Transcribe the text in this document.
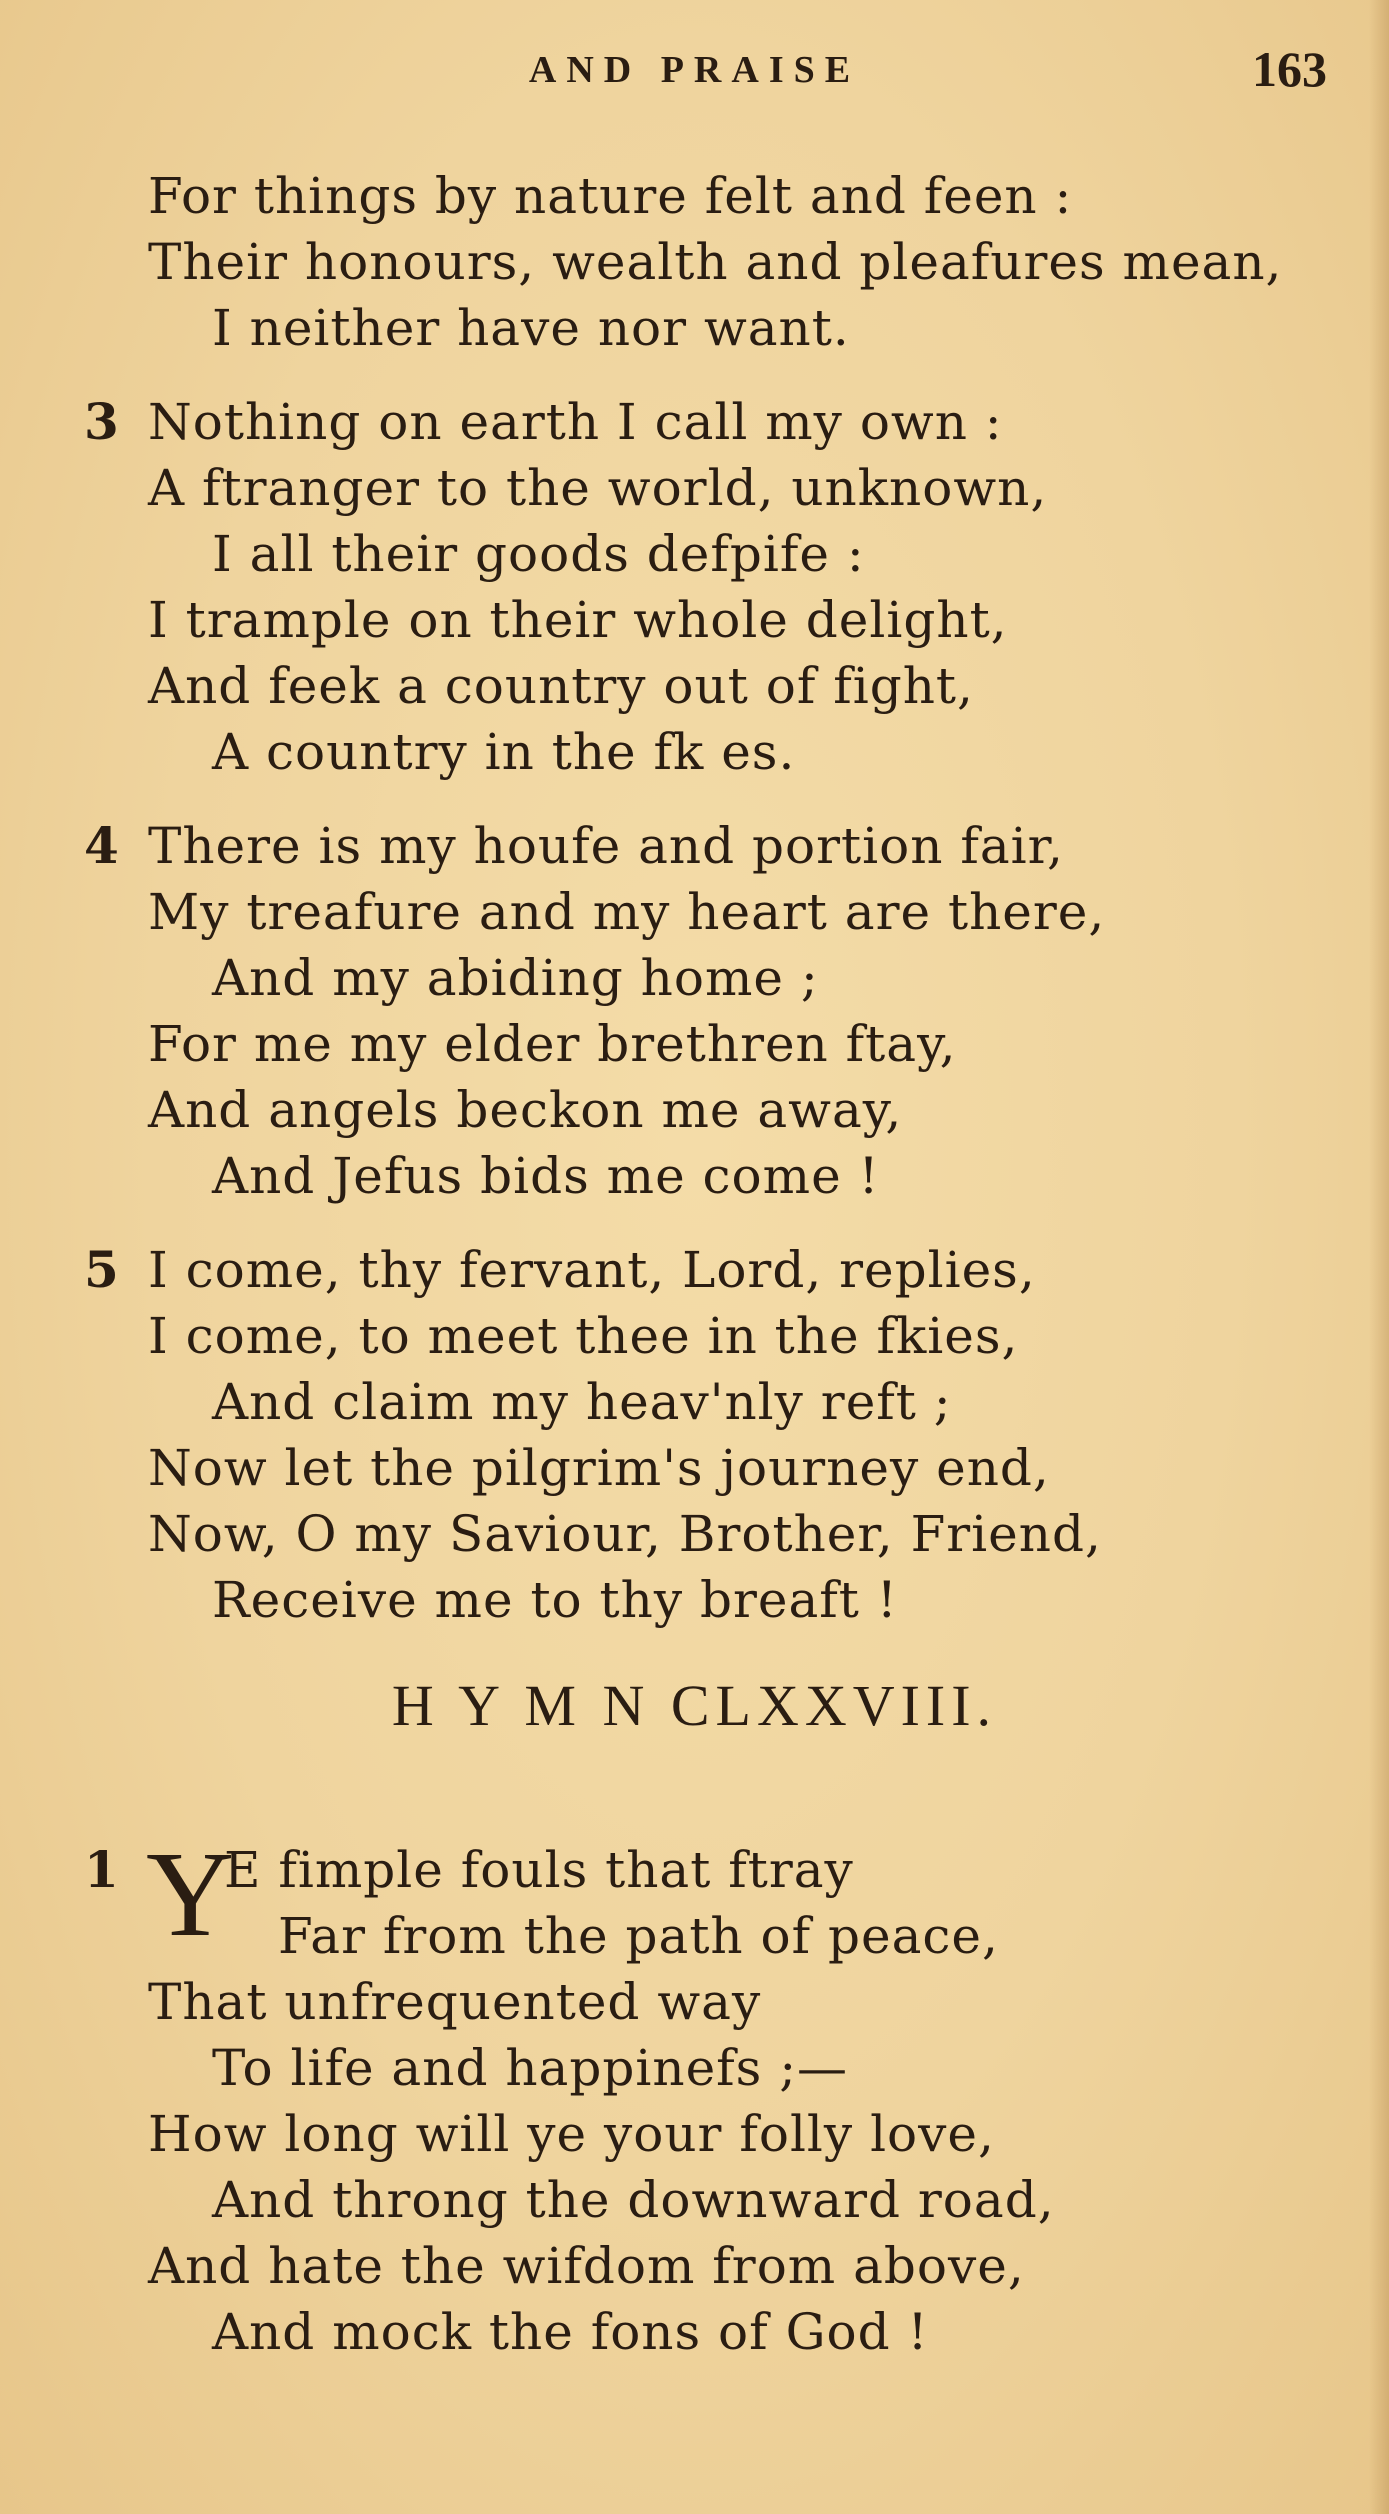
AND PRAISE	163
For things by nature felt and feen :
Their honours, wealth and pleafures mean,
I neither have nor want.
3 Nothing on earth I call my own :
A ftranger to the world, unknown,
I all their goods defpife :
I trample on their whole delight,
And feek a country out of fight,
A country in the fk es.
4 There is my houfe and portion fair,
My treafure and my heart are there,
And my abiding home ;
For me my elder brethren ftay,
And angels beckon me away,
And Jefus bids me come !
5 I come, thy fervant, Lord, replies,
I come, to meet thee in the fkies,
And claim my heav'nly reft ;
Now let the pilgrim's journey end,
Now, O my Saviour, Brother, Friend,
Receive me to thy breaft !
H Y M N CLXXVIII.
1 Y
E fimple fouls that ftray
Far from the path of peace,
That unfrequented way
To life and happinefs ;—
How long will ye your folly love,
And throng the downward road,
And hate the wifdom from above,
And mock the fons of God !
